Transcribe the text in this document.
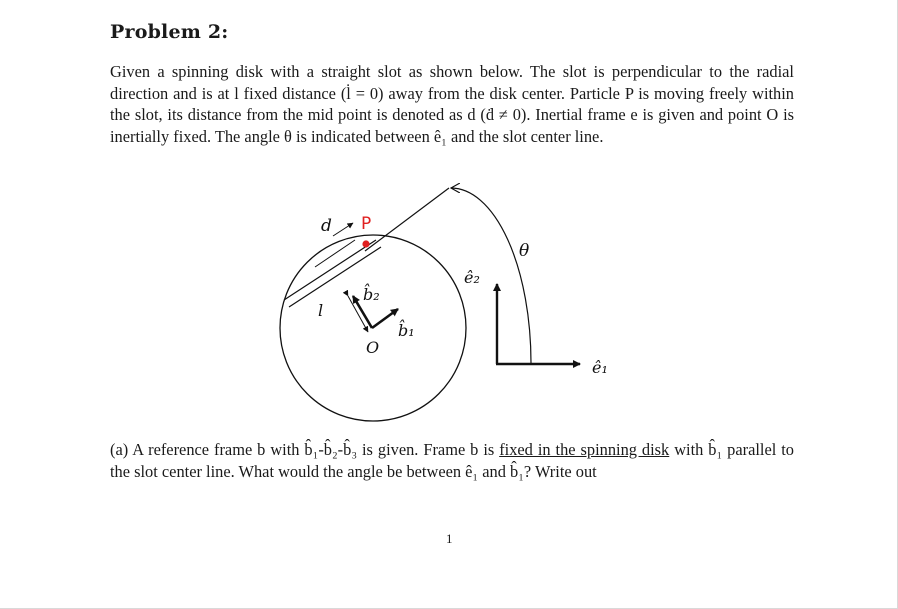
Problem 2:
Given a spinning disk with a straight slot as shown below. The slot is perpendicular to the radial direction and is at l fixed distance (l̇ = 0) away from the disk center. Particle P is moving freely within the slot, its distance from the mid point is denoted as d (ḋ ≠ 0). Inertial frame e is given and point O is inertially fixed. The angle θ is indicated between ê₁ and the slot center line.
d P
b̂₂
l
b̂₁
O
ê₂
θ
ê₁
(a) A reference frame b with b̂₁-b̂₂-b̂₃ is given. Frame b is fixed in the spinning disk with b̂₁ parallel to the slot center line. What would the angle be between ê₁ and b̂₁? Write out
1
